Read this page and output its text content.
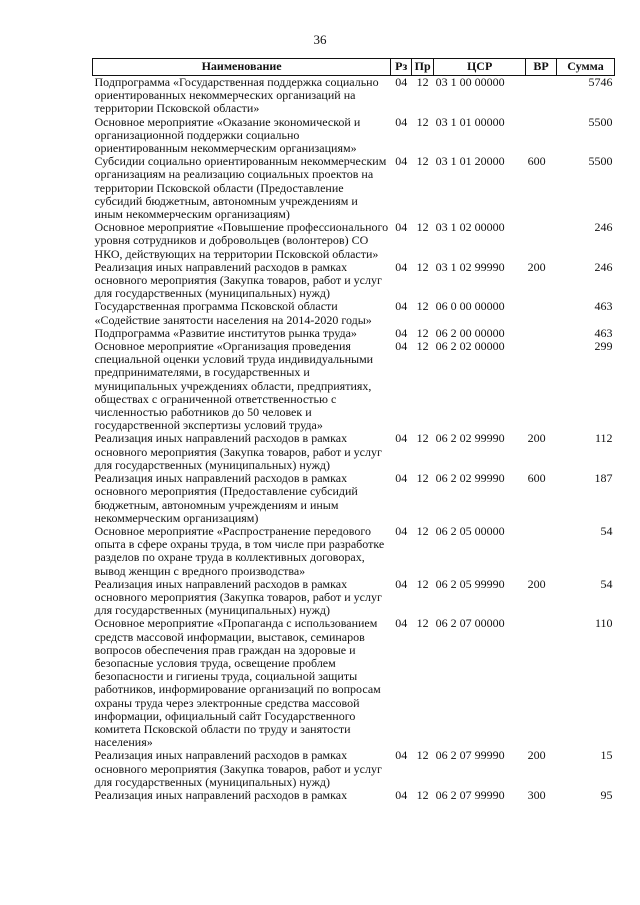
36
Наименование	Рз	Пр	ЦСР	ВР	Сумма
Подпрограмма «Государственная поддержка социально ориентированных некоммерческих организаций на территории Псковской области»	04	12	03 1 00 00000		5746
Основное мероприятие «Оказание экономической и организационной поддержки социально ориентированным некоммерческим организациям»	04	12	03 1 01 00000		5500
Субсидии социально ориентированным некоммерческим организациям на реализацию социальных проектов на территории Псковской области (Предоставление субсидий бюджетным, автономным учреждениям и иным некоммерческим организациям)	04	12	03 1 01 20000	600	5500
Основное мероприятие «Повышение профессионального уровня сотрудников и добровольцев (волонтеров) СО НКО, действующих на территории Псковской области»	04	12	03 1 02 00000		246
Реализация иных направлений расходов в рамках основного мероприятия (Закупка товаров, работ и услуг для государственных (муниципальных) нужд)	04	12	03 1 02 99990	200	246
Государственная программа Псковской области «Содействие занятости населения на 2014-2020 годы»	04	12	06 0 00 00000		463
Подпрограмма «Развитие институтов рынка труда»	04	12	06 2 00 00000		463
Основное мероприятие «Организация проведения специальной оценки условий труда индивидуальными предпринимателями, в государственных и муниципальных учреждениях области, предприятиях, обществах с ограниченной ответственностью с численностью работников до 50 человек и государственной экспертизы условий труда»	04	12	06 2 02 00000		299
Реализация иных направлений расходов в рамках основного мероприятия (Закупка товаров, работ и услуг для государственных (муниципальных) нужд)	04	12	06 2 02 99990	200	112
Реализация иных направлений расходов в рамках основного мероприятия (Предоставление субсидий бюджетным, автономным учреждениям и иным некоммерческим организациям)	04	12	06 2 02 99990	600	187
Основное мероприятие «Распространение передового опыта в сфере охраны труда, в том числе при разработке разделов по охране труда в коллективных договорах, вывод женщин с вредного производства»	04	12	06 2 05 00000		54
Реализация иных направлений расходов в рамках основного мероприятия (Закупка товаров, работ и услуг для государственных (муниципальных) нужд)	04	12	06 2 05 99990	200	54
Основное мероприятие «Пропаганда с использованием средств массовой информации, выставок, семинаров вопросов обеспечения прав граждан на здоровые и безопасные условия труда, освещение проблем безопасности и гигиены труда, социальной защиты работников, информирование организаций по вопросам охраны труда через электронные средства массовой информации, официальный сайт Государственного комитета Псковской области по труду и занятости населения»	04	12	06 2 07 00000		110
Реализация иных направлений расходов в рамках основного мероприятия (Закупка товаров, работ и услуг для государственных (муниципальных) нужд)	04	12	06 2 07 99990	200	15
Реализация иных направлений расходов в рамках	04	12	06 2 07 99990	300	95
